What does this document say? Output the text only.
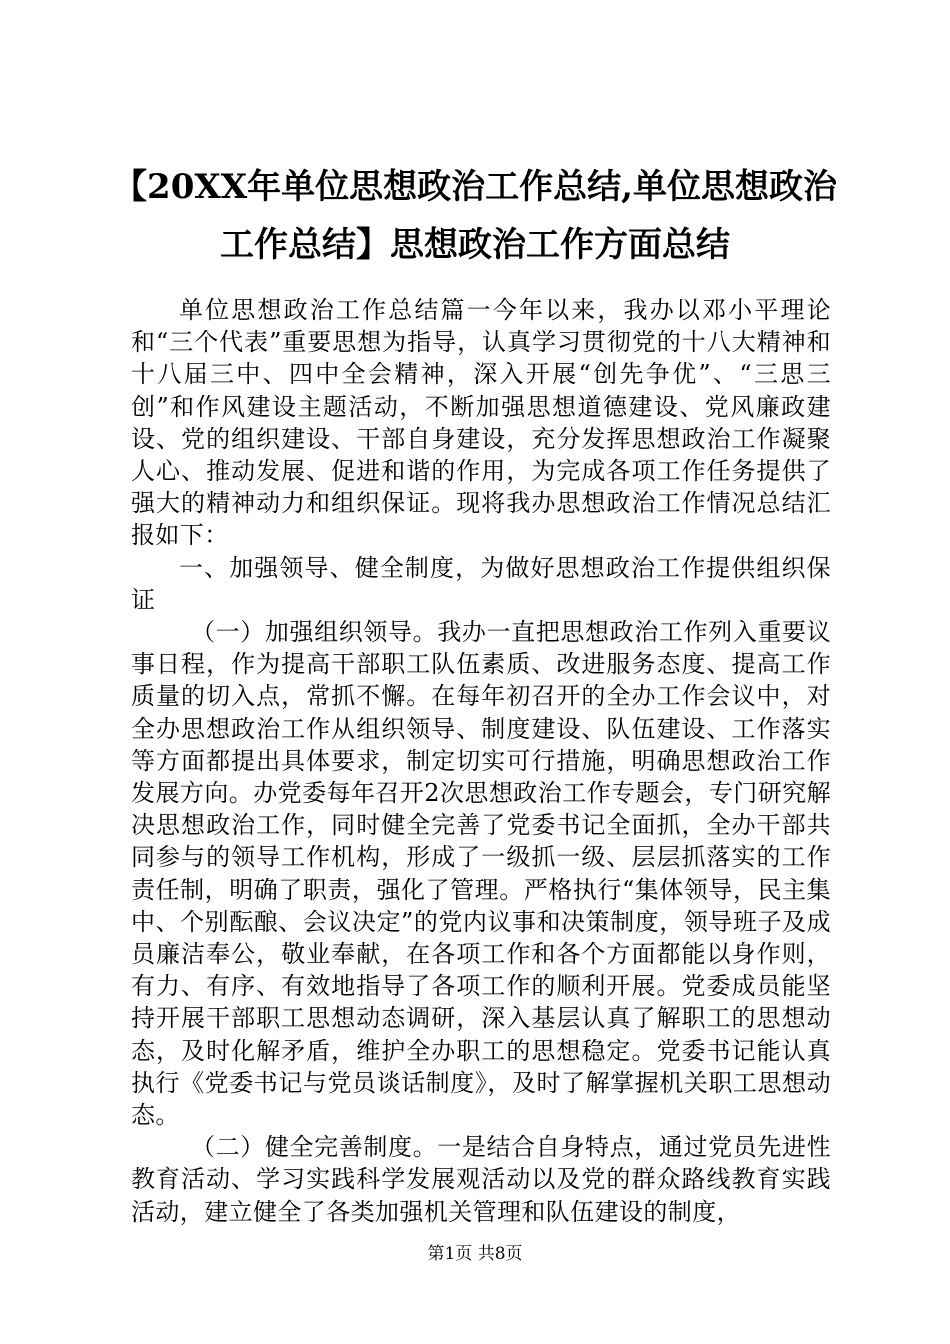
【20XX年单位思想政治工作总结,单位思想政治工作总结】思想政治工作方面总结

单位思想政治工作总结篇一今年以来，我办以邓小平理论和“三个代表”重要思想为指导，认真学习贯彻党的十八大精神和十八届三中、四中全会精神，深入开展“创先争优”、“三思三创”和作风建设主题活动，不断加强思想道德建设、党风廉政建设、党的组织建设、干部自身建设，充分发挥思想政治工作凝聚人心、推动发展、促进和谐的作用，为完成各项工作任务提供了强大的精神动力和组织保证。现将我办思想政治工作情况总结汇报如下：

一、加强领导、健全制度，为做好思想政治工作提供组织保证

（一）加强组织领导。我办一直把思想政治工作列入重要议事日程，作为提高干部职工队伍素质、改进服务态度、提高工作质量的切入点，常抓不懈。在每年初召开的全办工作会议中，对全办思想政治工作从组织领导、制度建设、队伍建设、工作落实等方面都提出具体要求，制定切实可行措施，明确思想政治工作发展方向。办党委每年召开2次思想政治工作专题会，专门研究解决思想政治工作，同时健全完善了党委书记全面抓，全办干部共同参与的领导工作机构，形成了一级抓一级、层层抓落实的工作责任制，明确了职责，强化了管理。严格执行“集体领导，民主集中、个别酝酿、会议决定”的党内议事和决策制度，领导班子及成员廉洁奉公，敬业奉献，在各项工作和各个方面都能以身作则，有力、有序、有效地指导了各项工作的顺利开展。党委成员能坚持开展干部职工思想动态调研，深入基层认真了解职工的思想动态，及时化解矛盾，维护全办职工的思想稳定。党委书记能认真执行《党委书记与党员谈话制度》，及时了解掌握机关职工思想动态。

（二）健全完善制度。一是结合自身特点，通过党员先进性教育活动、学习实践科学发展观活动以及党的群众路线教育实践活动，建立健全了各类加强机关管理和队伍建设的制度，

第1页 共8页
